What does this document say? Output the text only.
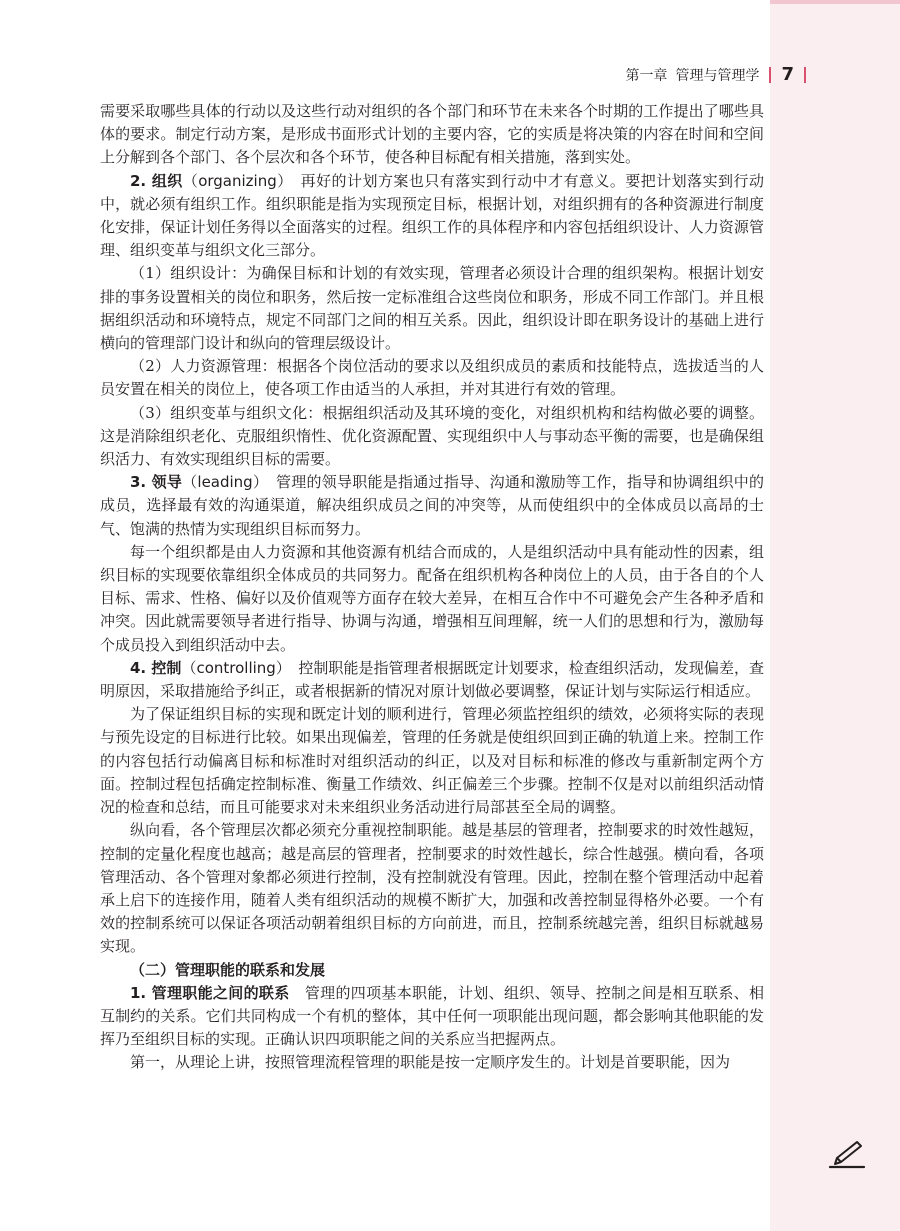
第一章 管理与管理学 7

需要采取哪些具体的行动以及这些行动对组织的各个部门和环节在未来各个时期的工作提出了哪些具体的要求。制定行动方案，是形成书面形式计划的主要内容，它的实质是将决策的内容在时间和空间上分解到各个部门、各个层次和各个环节，使各种目标配有相关措施，落到实处。

2. 组织（organizing）　 再好的计划方案也只有落实到行动中才有意义。要把计划落实到行动中，就必须有组织工作。组织职能是指为实现预定目标，根据计划，对组织拥有的各种资源进行制度化安排，保证计划任务得以全面落实的过程。组织工作的具体程序和内容包括组织设计、人力资源管理、组织变革与组织文化三部分。

（1）组织设计：为确保目标和计划的有效实现，管理者必须设计合理的组织架构。根据计划安排的事务设置相关的岗位和职务，然后按一定标准组合这些岗位和职务，形成不同工作部门。并且根据组织活动和环境特点，规定不同部门之间的相互关系。因此，组织设计即在职务设计的基础上进行横向的管理部门设计和纵向的管理层级设计。

（2）人力资源管理：根据各个岗位活动的要求以及组织成员的素质和技能特点，选拔适当的人员安置在相关的岗位上，使各项工作由适当的人承担，并对其进行有效的管理。

（3）组织变革与组织文化：根据组织活动及其环境的变化，对组织机构和结构做必要的调整。这是消除组织老化、克服组织惰性、优化资源配置、实现组织中人与事动态平衡的需要，也是确保组织活力、有效实现组织目标的需要。

3. 领导（leading）　 管理的领导职能是指通过指导、沟通和激励等工作，指导和协调组织中的成员，选择最有效的沟通渠道，解决组织成员之间的冲突等，从而使组织中的全体成员以高昂的士气、饱满的热情为实现组织目标而努力。

每一个组织都是由人力资源和其他资源有机结合而成的，人是组织活动中具有能动性的因素，组织目标的实现要依靠组织全体成员的共同努力。配备在组织机构各种岗位上的人员，由于各自的个人目标、需求、性格、偏好以及价值观等方面存在较大差异，在相互合作中不可避免会产生各种矛盾和冲突。因此就需要领导者进行指导、协调与沟通，增强相互间理解，统一人们的思想和行为，激励每个成员投入到组织活动中去。

4. 控制（controlling）　 控制职能是指管理者根据既定计划要求，检查组织活动，发现偏差，查明原因，采取措施给予纠正，或者根据新的情况对原计划做必要调整，保证计划与实际运行相适应。

为了保证组织目标的实现和既定计划的顺利进行，管理必须监控组织的绩效，必须将实际的表现与预先设定的目标进行比较。如果出现偏差，管理的任务就是使组织回到正确的轨道上来。控制工作的内容包括行动偏离目标和标准时对组织活动的纠正，以及对目标和标准的修改与重新制定两个方面。控制过程包括确定控制标准、衡量工作绩效、纠正偏差三个步骤。控制不仅是对以前组织活动情况的检查和总结，而且可能要求对未来组织业务活动进行局部甚至全局的调整。

纵向看，各个管理层次都必须充分重视控制职能。越是基层的管理者，控制要求的时效性越短，控制的定量化程度也越高；越是高层的管理者，控制要求的时效性越长，综合性越强。横向看，各项管理活动、各个管理对象都必须进行控制，没有控制就没有管理。因此，控制在整个管理活动中起着承上启下的连接作用，随着人类有组织活动的规模不断扩大，加强和改善控制显得格外必要。一个有效的控制系统可以保证各项活动朝着组织目标的方向前进，而且，控制系统越完善，组织目标就越易实现。

（二）管理职能的联系和发展

1. 管理职能之间的联系　 管理的四项基本职能，计划、组织、领导、控制之间是相互联系、相互制约的关系。它们共同构成一个有机的整体，其中任何一项职能出现问题，都会影响其他职能的发挥乃至组织目标的实现。正确认识四项职能之间的关系应当把握两点。

第一，从理论上讲，按照管理流程管理的职能是按一定顺序发生的。计划是首要职能，因为
